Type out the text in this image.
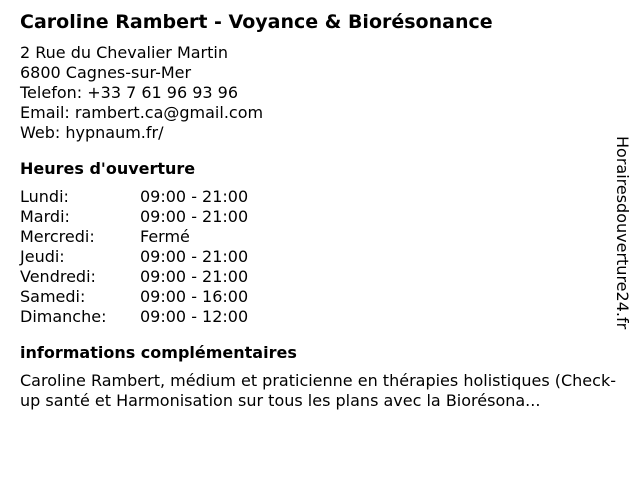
Caroline Rambert - Voyance & Biorésonance
2 Rue du Chevalier Martin
6800 Cagnes-sur-Mer
Telefon: +33 7 61 96 93 96
Email: rambert.ca@gmail.com
Web: hypnaum.fr/
Heures d'ouverture
Lundi:	09:00 - 21:00
Mardi:	09:00 - 21:00
Mercredi:	Fermé
Jeudi:	09:00 - 21:00
Vendredi:	09:00 - 21:00
Samedi:	09:00 - 16:00
Dimanche:	09:00 - 12:00
informations complémentaires
Caroline Rambert, médium et praticienne en thérapies holistiques (Check-up santé et Harmonisation sur tous les plans avec la Biorésona...
Horairesdouverture24.fr
